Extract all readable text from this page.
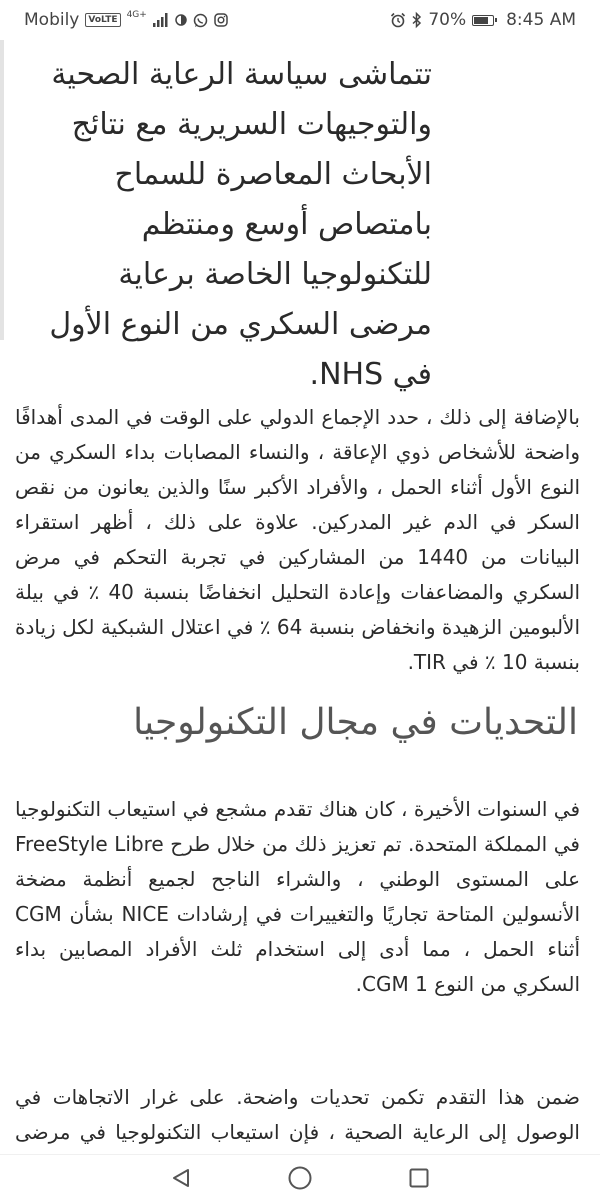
Mobily	VoLTE
4G+	70% 8:45 AM
تتماشى سياسة الرعاية الصحية والتوجيهات السريرية مع نتائج الأبحاث المعاصرة للسماح بامتصاص أوسع ومنتظم للتكنولوجيا الخاصة برعاية مرضى السكري من النوع الأول في NHS.

بالإضافة إلى ذلك ، حدد الإجماع الدولي على الوقت في المدى أهدافًا واضحة للأشخاص ذوي الإعاقة ، والنساء المصابات بداء السكري من النوع الأول أثناء الحمل ، والأفراد الأكبر سنًا والذين يعانون من نقص السكر في الدم غير المدركين. علاوة على ذلك ، أظهر استقراء البيانات من 1440 من المشاركين في تجربة التحكم في مرض السكري والمضاعفات وإعادة التحليل انخفاضًا بنسبة 40 ٪ في بيلة الألبومين الزهيدة وانخفاض بنسبة 64 ٪ في اعتلال الشبكية لكل زيادة بنسبة 10 ٪ في TIR.

التحديات في مجال التكنولوجيا

في السنوات الأخيرة ، كان هناك تقدم مشجع في استيعاب التكنولوجيا في المملكة المتحدة. تم تعزيز ذلك من خلال طرح FreeStyle Libre على المستوى الوطني ، والشراء الناجح لجميع أنظمة مضخة الأنسولين المتاحة تجاريًا والتغييرات في إرشادات NICE بشأن CGM أثناء الحمل ، مما أدى إلى استخدام ثلث الأفراد المصابين بداء السكري من النوع 1 CGM.

ضمن هذا التقدم تكمن تحديات واضحة. على غرار الاتجاهات في الوصول إلى الرعاية الصحية ، فإن استيعاب التكنولوجيا في مرضى
